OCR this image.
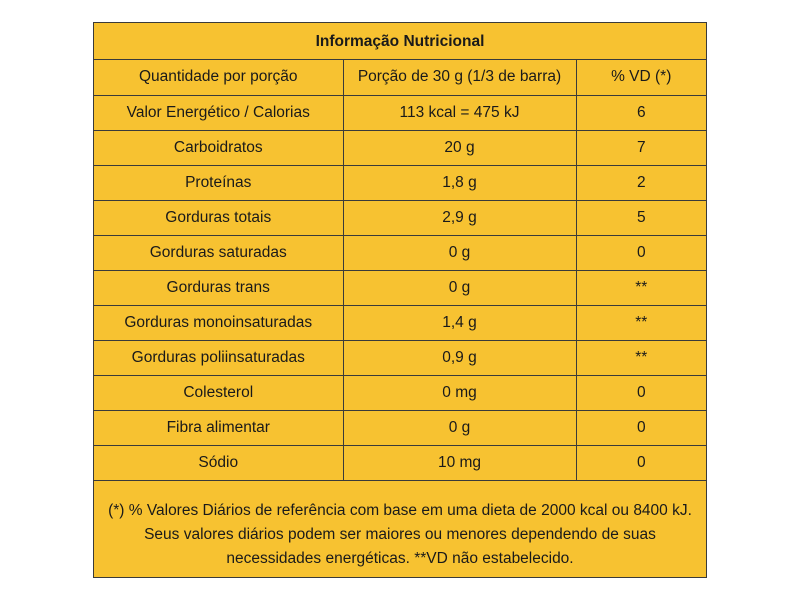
Informação Nutricional
Quantidade por porção	Porção de 30 g (1/3 de barra)	% VD (*)
Valor Energético / Calorias	113 kcal = 475 kJ	6
Carboidratos	20 g	7
Proteínas	1,8 g	2
Gorduras totais	2,9 g	5
Gorduras saturadas	0 g	0
Gorduras trans	0 g	**
Gorduras monoinsaturadas	1,4 g	**
Gorduras poliinsaturadas	0,9 g	**
Colesterol	0 mg	0
Fibra alimentar	0 g	0
Sódio	10 mg	0

(*) % Valores Diários de referência com base em uma dieta de 2000 kcal ou 8400 kJ.
Seus valores diários podem ser maiores ou menores dependendo de suas
necessidades energéticas. **VD não estabelecido.
